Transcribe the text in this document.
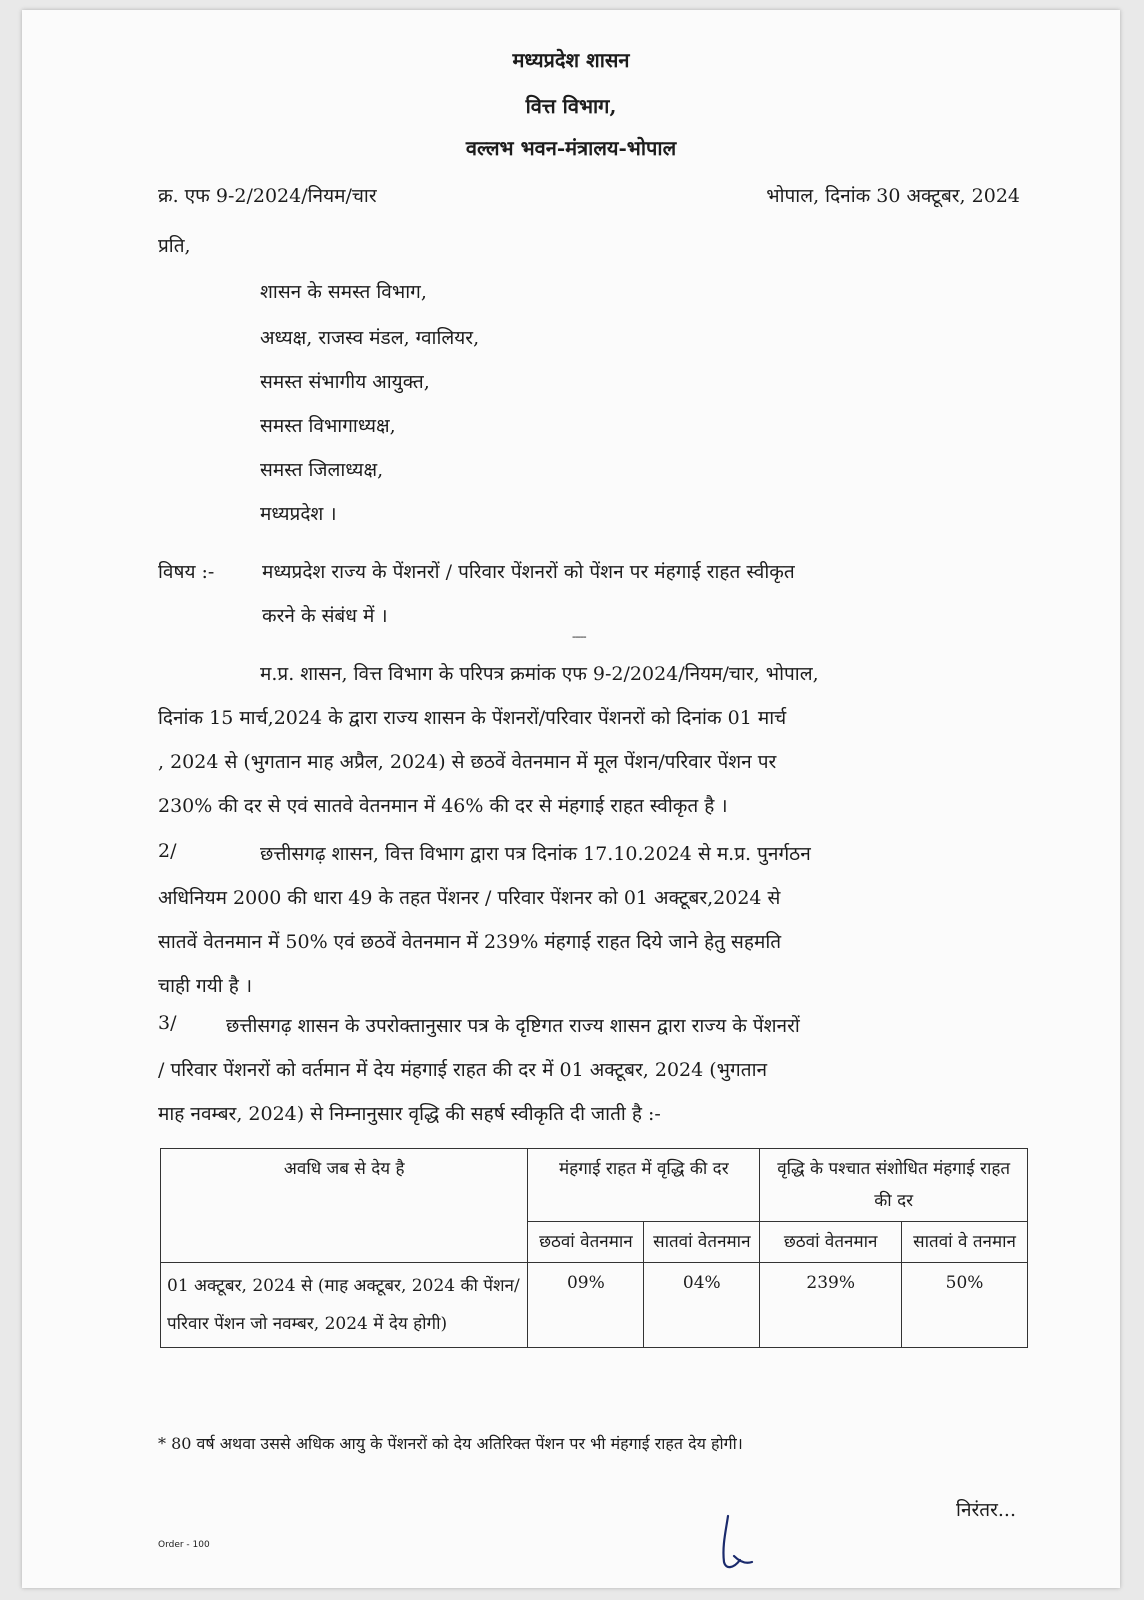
मध्यप्रदेश शासन
वित्त विभाग,
वल्लभ भवन-मंत्रालय-भोपाल
क्र. एफ 9-2/2024/नियम/चार	भोपाल, दिनांक 30 अक्टूबर, 2024
प्रति,
शासन के समस्त विभाग,
अध्यक्ष, राजस्व मंडल, ग्वालियर,
समस्त संभागीय आयुक्त,
समस्त विभागाध्यक्ष,
समस्त जिलाध्यक्ष,
मध्यप्रदेश ।
विषय :-	मध्यप्रदेश राज्य के पेंशनरों / परिवार पेंशनरों को पेंशन पर मंहगाई राहत स्वीकृत
करने के संबंध में ।
-----
म.प्र. शासन, वित्त विभाग के परिपत्र क्रमांक एफ 9-2/2024/नियम/चार, भोपाल,
दिनांक 15 मार्च,2024 के द्वारा राज्य शासन के पेंशनरों/परिवार पेंशनरों को दिनांक 01 मार्च
, 2024 से (भुगतान माह अप्रैल, 2024) से छठवें वेतनमान में मूल पेंशन/परिवार पेंशन पर
230% की दर से एवं सातवे वेतनमान में 46% की दर से मंहगाई राहत स्वीकृत है ।
2/	छत्तीसगढ़ शासन, वित्त विभाग द्वारा पत्र दिनांक 17.10.2024 से म.प्र. पुनर्गठन
अधिनियम 2000 की धारा 49 के तहत पेंशनर / परिवार पेंशनर को 01 अक्टूबर,2024 से
सातवें वेतनमान में 50% एवं छठवें वेतनमान में 239% मंहगाई राहत दिये जाने हेतु सहमति
चाही गयी है ।
3/	छत्तीसगढ़ शासन के उपरोक्तानुसार पत्र के दृष्टिगत राज्य शासन द्वारा राज्य के पेंशनरों
/ परिवार पेंशनरों को वर्तमान में देय मंहगाई राहत की दर में 01 अक्टूबर, 2024 (भुगतान
माह नवम्बर, 2024) से निम्नानुसार वृद्धि की सहर्ष स्वीकृति दी जाती है :-
अवधि जब से देय है	मंहगाई राहत में वृद्धि की दर		वृद्धि के पश्चात संशोधित मंहगाई राहत की दर	
	छठवां वेतनमान	सातवां वेतनमान	छठवां वेतनमान	सातवां वे तनमान
01 अक्टूबर, 2024 से (माह अक्टूबर, 2024 की पेंशन/परिवार पेंशन जो नवम्बर, 2024 में देय होगी)	09%	04%	239%	50%
* 80 वर्ष अथवा उससे अधिक आयु के पेंशनरों को देय अतिरिक्त पेंशन पर भी मंहगाई राहत देय होगी।
निरंतर...
Order - 100
